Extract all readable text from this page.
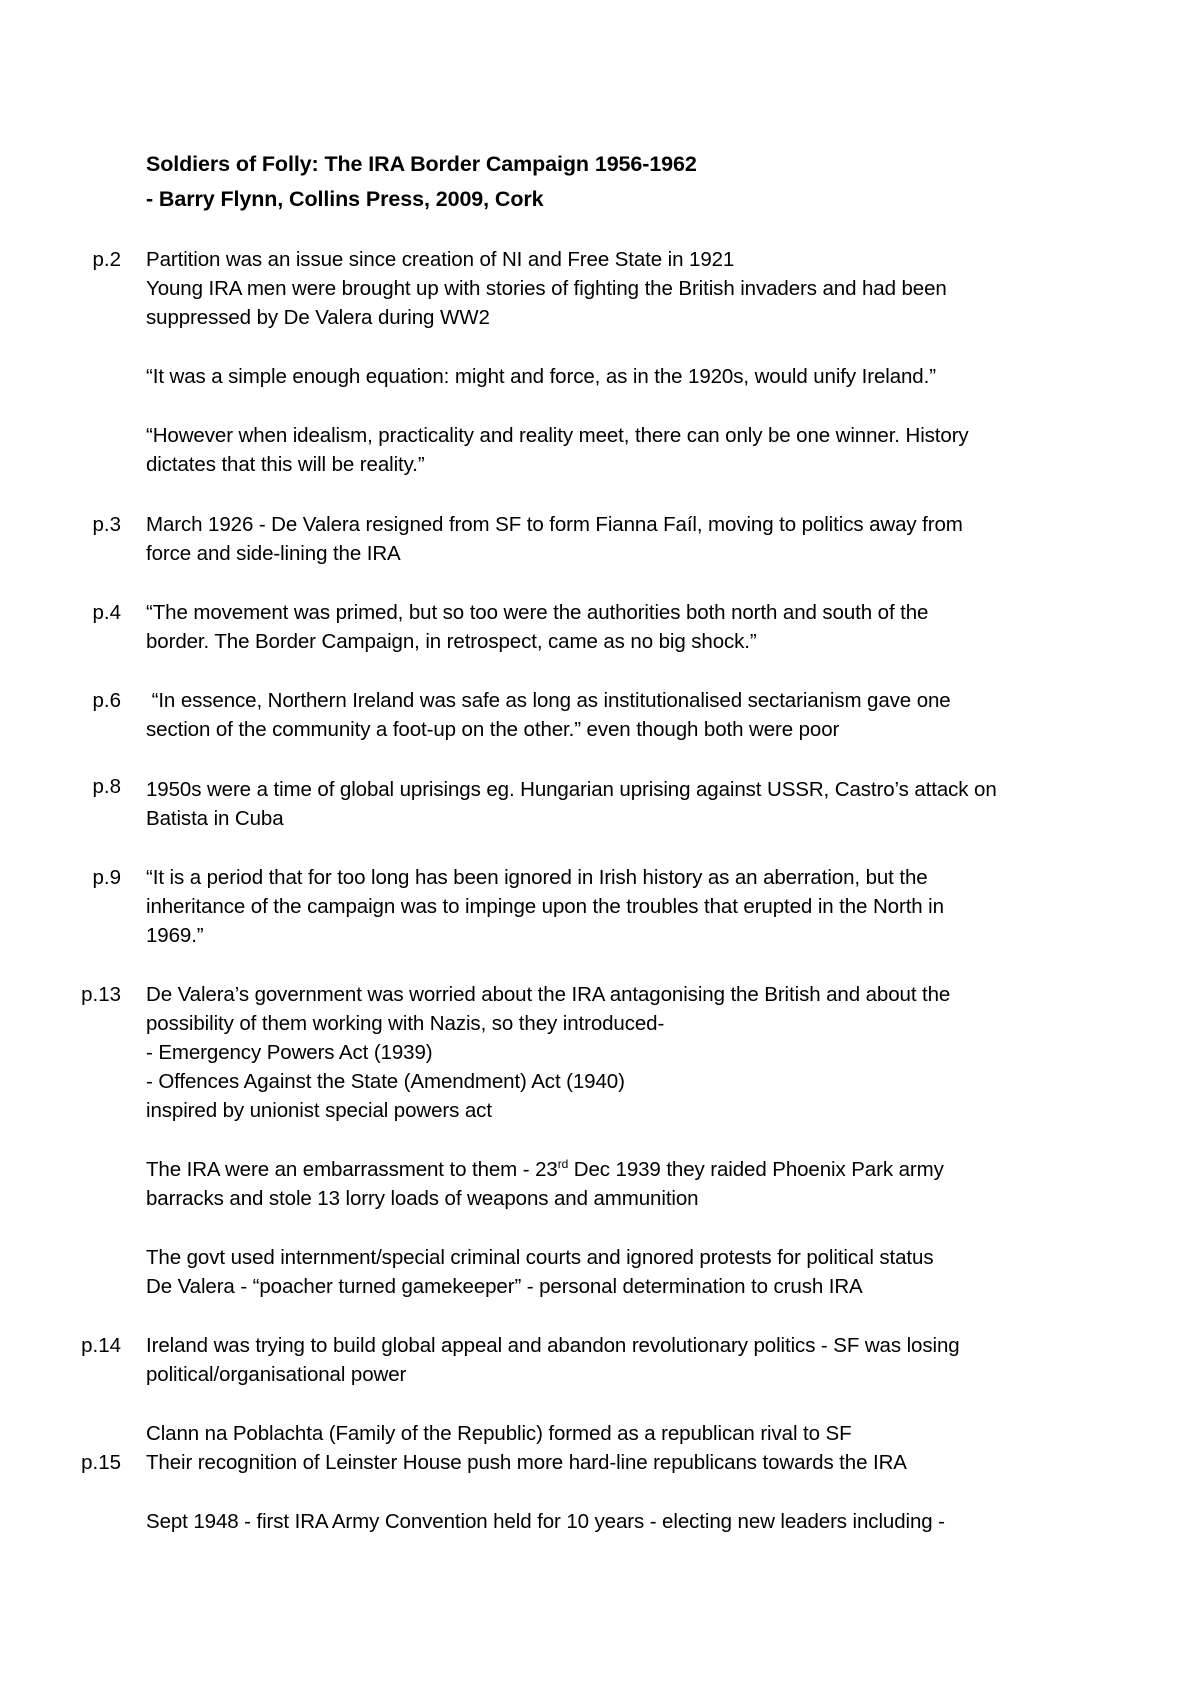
Soldiers of Folly: The IRA Border Campaign 1956-1962
- Barry Flynn, Collins Press, 2009, Cork
p.2 Partition was an issue since creation of NI and Free State in 1921
Young IRA men were brought up with stories of fighting the British invaders and had been
suppressed by De Valera during WW2
“It was a simple enough equation: might and force, as in the 1920s, would unify Ireland.”
“However when idealism, practicality and reality meet, there can only be one winner. History
dictates that this will be reality.”
p.3 March 1926 - De Valera resigned from SF to form Fianna Faíl, moving to politics away from
force and side-lining the IRA
p.4 “The movement was primed, but so too were the authorities both north and south of the
border. The Border Campaign, in retrospect, came as no big shock.”
p.6 “In essence, Northern Ireland was safe as long as institutionalised sectarianism gave one
section of the community a foot-up on the other.” even though both were poor
p.8 1950s were a time of global uprisings eg. Hungarian uprising against USSR, Castro’s attack on
Batista in Cuba
p.9 “It is a period that for too long has been ignored in Irish history as an aberration, but the
inheritance of the campaign was to impinge upon the troubles that erupted in the North in
1969.”
p.13 De Valera’s government was worried about the IRA antagonising the British and about the
possibility of them working with Nazis, so they introduced-
- Emergency Powers Act (1939)
- Offences Against the State (Amendment) Act (1940)
inspired by unionist special powers act
The IRA were an embarrassment to them - 23rd Dec 1939 they raided Phoenix Park army
barracks and stole 13 lorry loads of weapons and ammunition
The govt used internment/special criminal courts and ignored protests for political status
De Valera - “poacher turned gamekeeper” - personal determination to crush IRA
p.14 Ireland was trying to build global appeal and abandon revolutionary politics - SF was losing
political/organisational power
Clann na Poblachta (Family of the Republic) formed as a republican rival to SF
p.15 Their recognition of Leinster House push more hard-line republicans towards the IRA
Sept 1948 - first IRA Army Convention held for 10 years - electing new leaders including -
